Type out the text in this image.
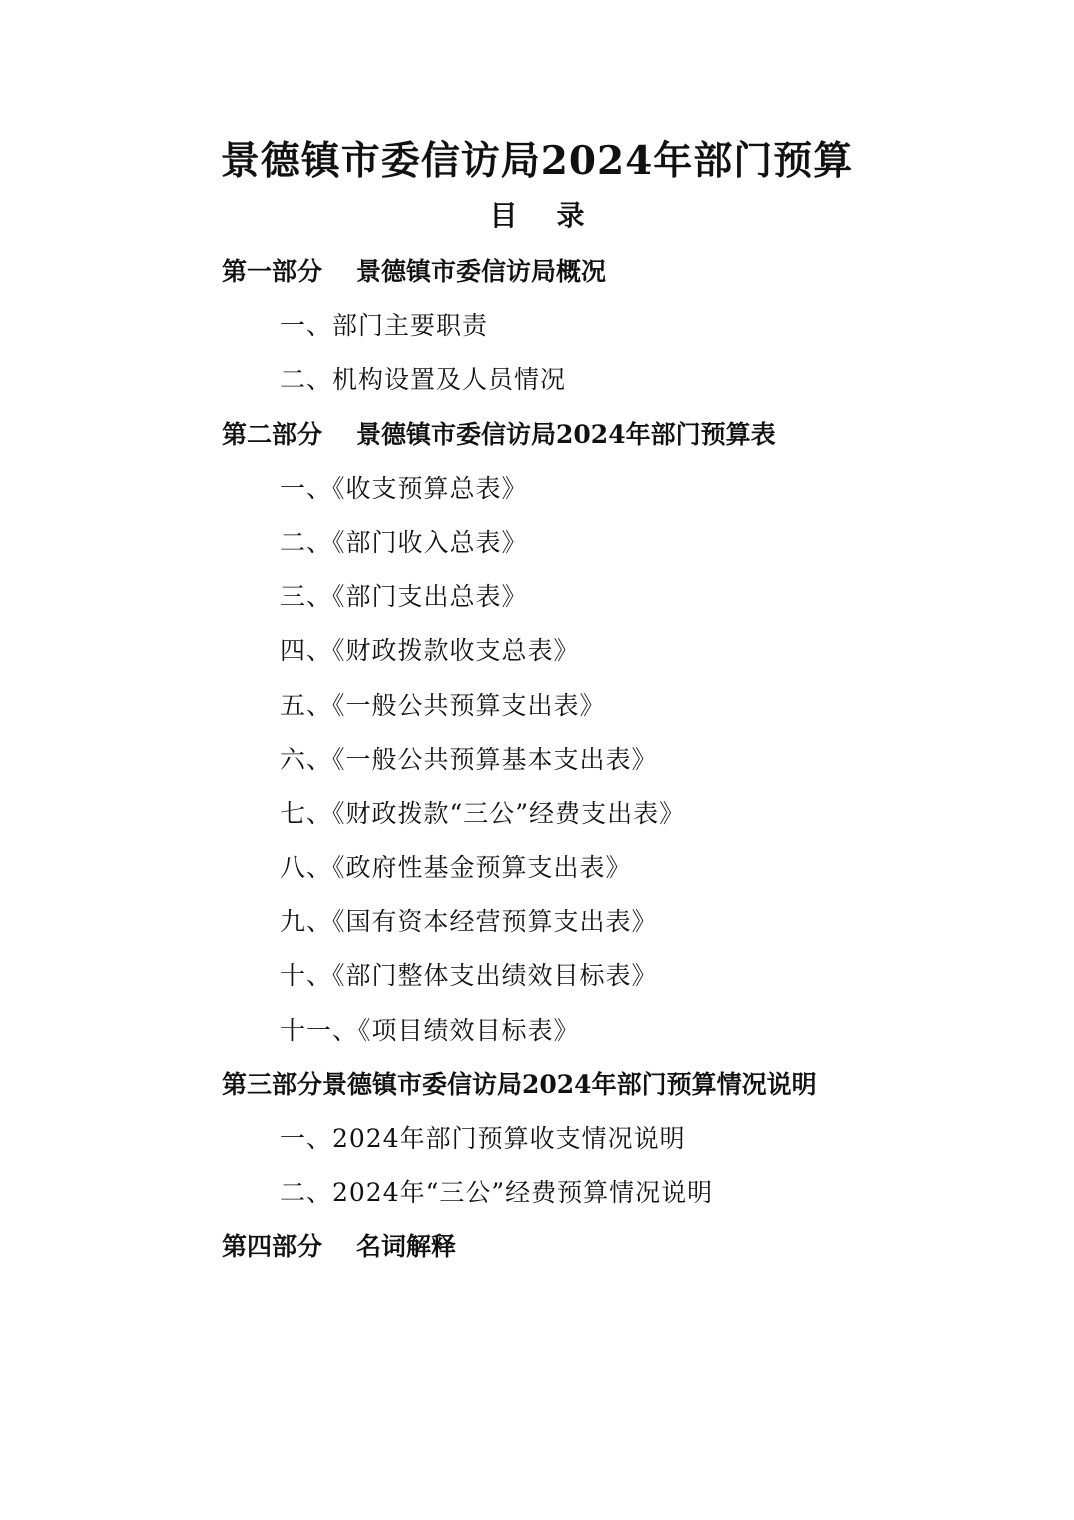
景德镇市委信访局2024年部门预算
目    录
第一部分 景德镇市委信访局概况
一、部门主要职责
二、机构设置及人员情况
第二部分 景德镇市委信访局2024年部门预算表
一、《收支预算总表》
二、《部门收入总表》
三、《部门支出总表》
四、《财政拨款收支总表》
五、《一般公共预算支出表》
六、《一般公共预算基本支出表》
七、《财政拨款“三公”经费支出表》
八、《政府性基金预算支出表》
九、《国有资本经营预算支出表》
十、《部门整体支出绩效目标表》
十一、《项目绩效目标表》
第三部分景德镇市委信访局2024年部门预算情况说明
一、2024年部门预算收支情况说明
二、2024年“三公”经费预算情况说明
第四部分 名词解释
